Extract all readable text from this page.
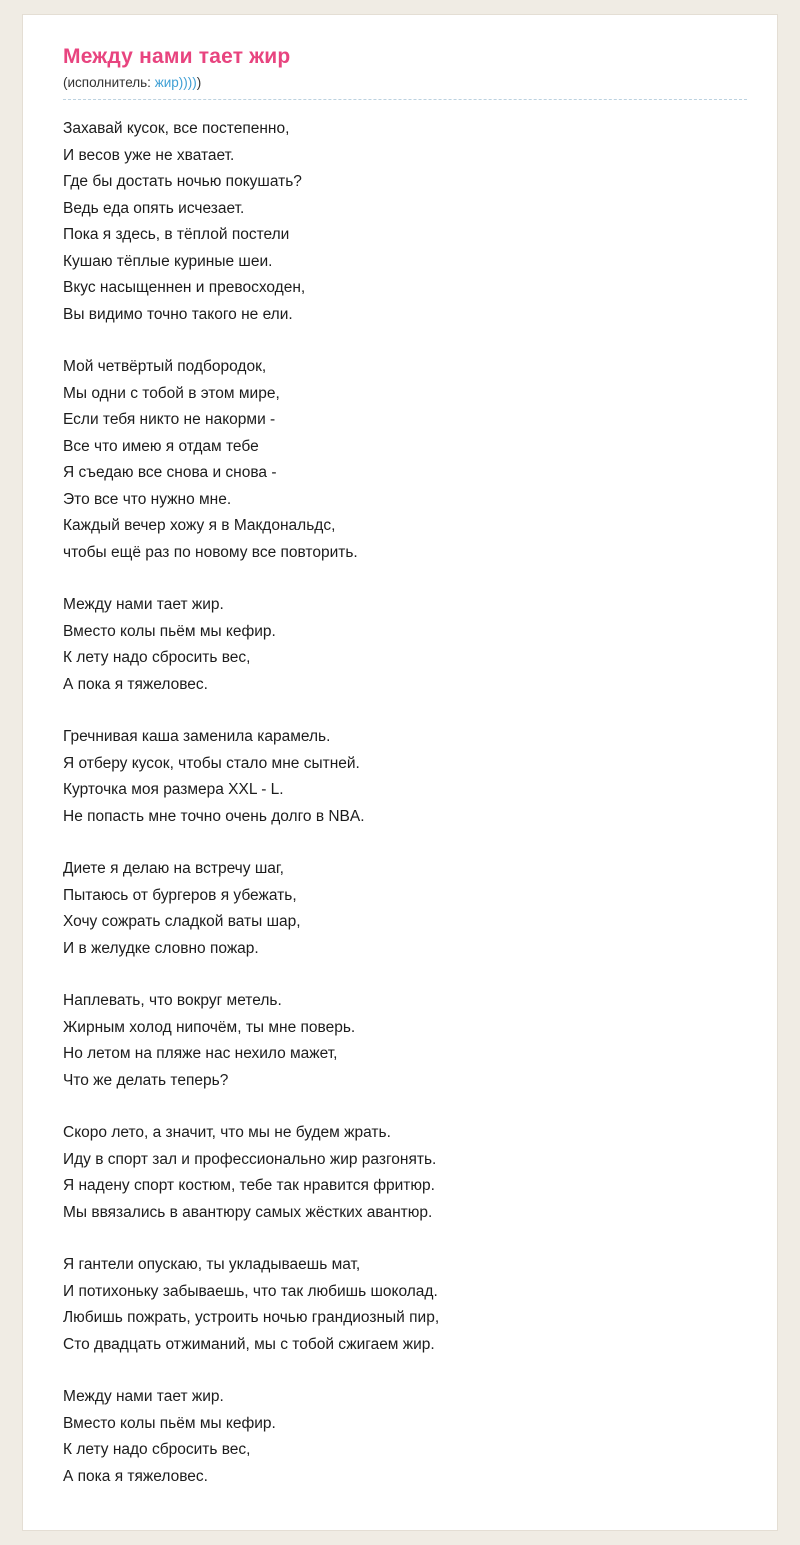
Между нами тает жир
(исполнитель: жир)))))

Захавай кусок, все постепенно,
И весов уже не хватает.
Где бы достать ночью покушать?
Ведь еда опять исчезает.
Пока я здесь, в тёплой постели
Кушаю тёплые куриные шеи.
Вкус насыщеннен и превосходен,
Вы видимо точно такого не ели.

Мой четвёртый подбородок,
Мы одни с тобой в этом мире,
Если тебя никто не накорми -
Все что имею я отдам тебе
Я съедаю все снова и снова -
Это все что нужно мне.
Каждый вечер хожу я в Макдональдс,
чтобы ещё раз по новому все повторить.

Между нами тает жир.
Вместо колы пьём мы кефир.
К лету надо сбросить вес,
А пока я тяжеловес.

Гречнивая каша заменила карамель.
Я отберу кусок, чтобы стало мне сытней.
Курточка моя размера XXL - L.
Не попасть мне точно очень долго в NBA.

Диете я делаю на встречу шаг,
Пытаюсь от бургеров я убежать,
Хочу сожрать сладкой ваты шар,
И в желудке словно пожар.

Наплевать, что вокруг метель.
Жирным холод нипочём, ты мне поверь.
Но летом на пляже нас нехило мажет,
Что же делать теперь?

Скоро лето, а значит, что мы не будем жрать.
Иду в спорт зал и профессионально жир разгонять.
Я надену спорт костюм, тебе так нравится фритюр.
Мы ввязались в авантюру самых жёстких авантюр.

Я гантели опускаю, ты укладываешь мат,
И потихоньку забываешь, что так любишь шоколад.
Любишь пожрать, устроить ночью грандиозный пир,
Сто двадцать отжиманий, мы с тобой сжигаем жир.

Между нами тает жир.
Вместо колы пьём мы кефир.
К лету надо сбросить вес,
А пока я тяжеловес.
